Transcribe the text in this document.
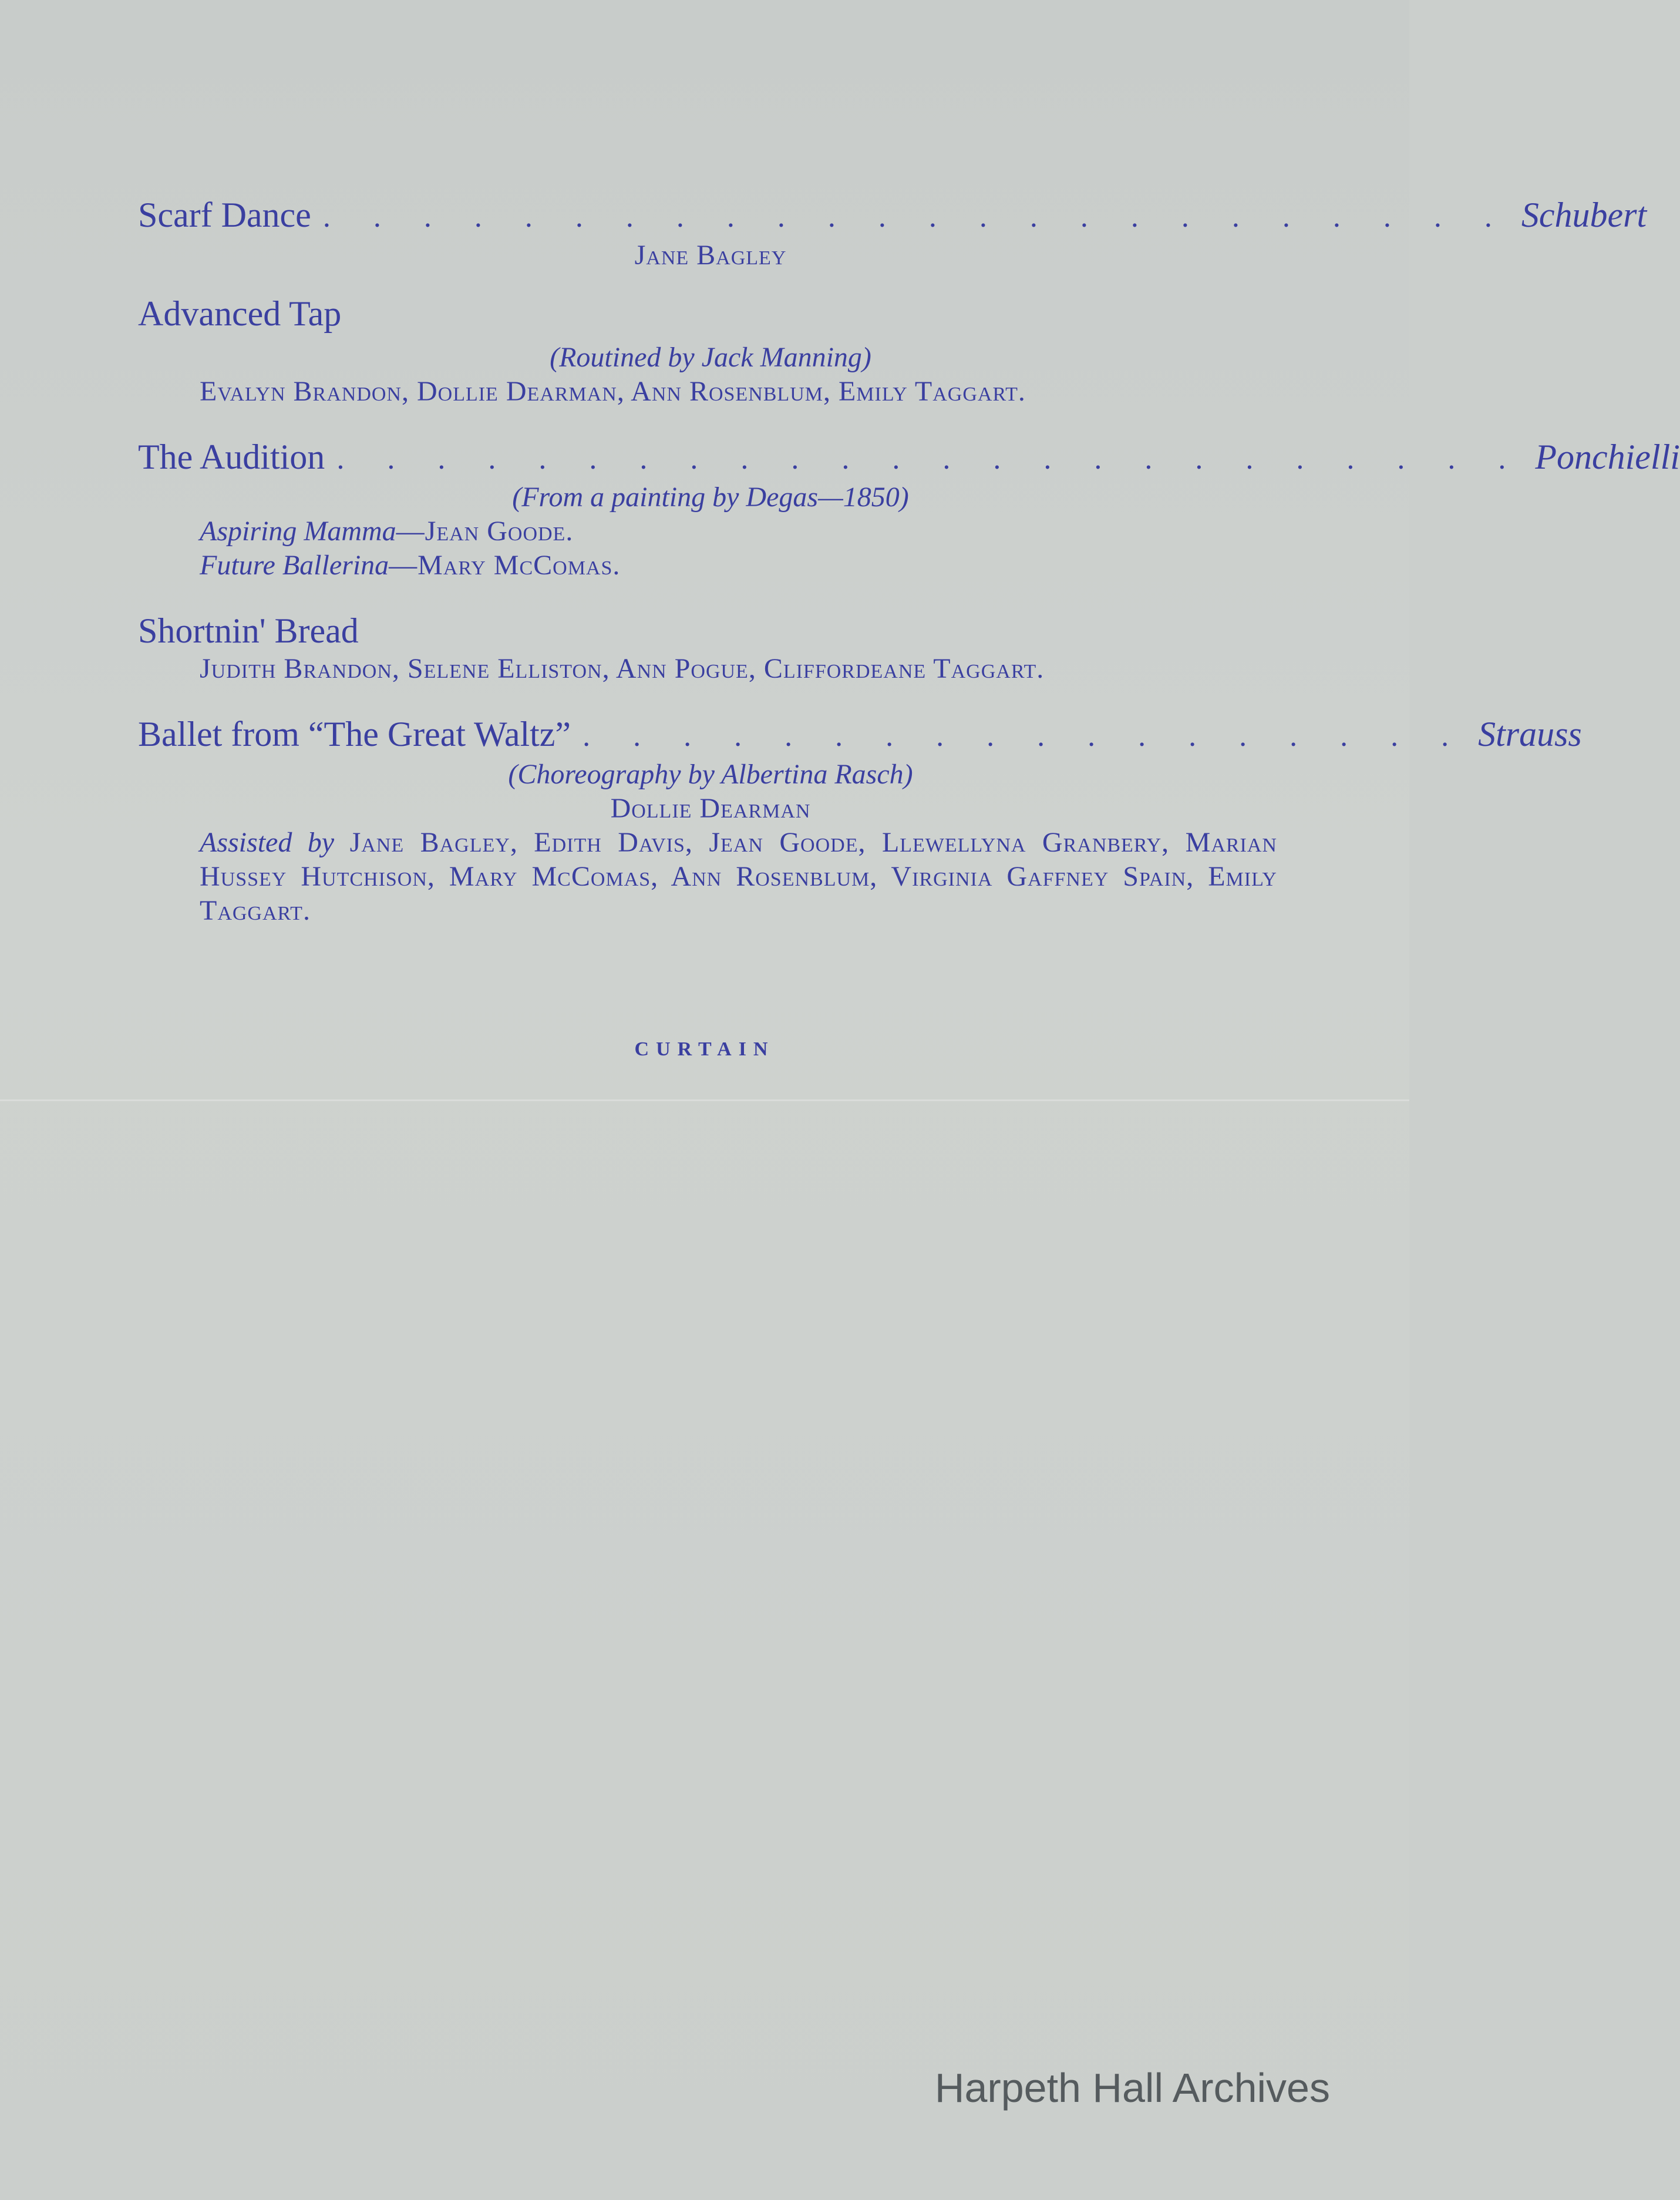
Scarf Dance . . . . . . . . . . . . . . . . . . . . . . . . Schubert
Jane Bagley
Advanced Tap
(Routined by Jack Manning)
Evalyn Brandon, Dollie Dearman, Ann Rosenblum, Emily Taggart.
The Audition . . . . . . . . . . . . . . . . . . . . . . . . Ponchielli
(From a painting by Degas—1850)
Aspiring Mamma—Jean Goode.
Future Ballerina—Mary McComas.
Shortnin' Bread
Judith Brandon, Selene Elliston, Ann Pogue, Cliffordeane Taggart.
Ballet from “The Great Waltz” . . . . . . . . . . . . . . . . . . Strauss
(Choreography by Albertina Rasch)
Dollie Dearman
Assisted by Jane Bagley, Edith Davis, Jean Goode, Llewellyna Granbery, Marian Hussey Hutchison, Mary McComas, Ann Rosenblum, Virginia Gaffney Spain, Emily Taggart.
CURTAIN
Harpeth Hall Archives
